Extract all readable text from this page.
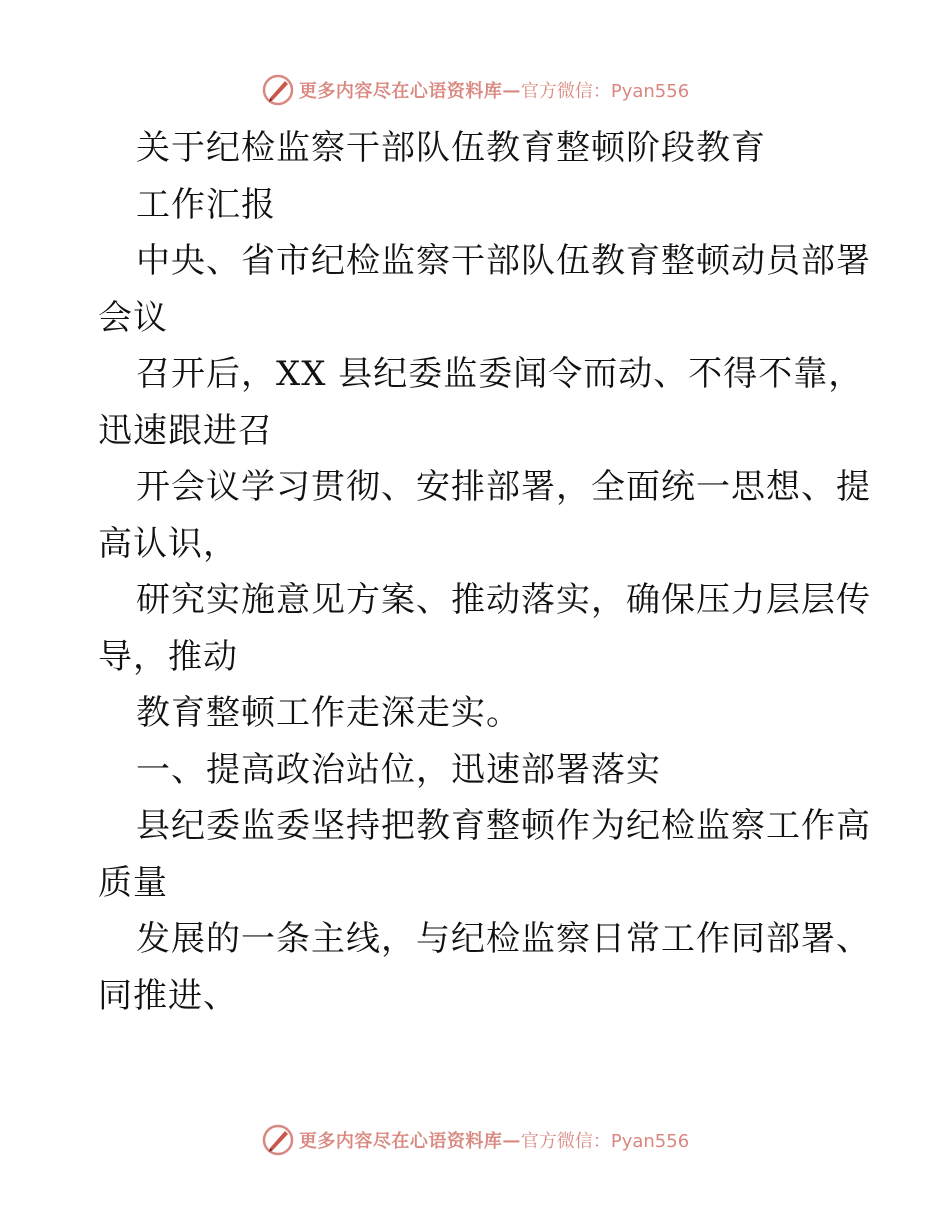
更多内容尽在心语资料库 — 官方微信：Pyan556
关于纪检监察干部队伍教育整顿阶段教育
工作汇报
中央、省市纪检监察干部队伍教育整顿动员部署
会议
召开后，XX 县纪委监委闻令而动、不得不靠，
迅速跟进召
开会议学习贯彻、安排部署，全面统一思想、提
高认识，
研究实施意见方案、推动落实，确保压力层层传
导，推动
教育整顿工作走深走实。
一、提高政治站位，迅速部署落实
县纪委监委坚持把教育整顿作为纪检监察工作高
质量
发展的一条主线，与纪检监察日常工作同部署、
同推进、
更多内容尽在心语资料库 — 官方微信：Pyan556
